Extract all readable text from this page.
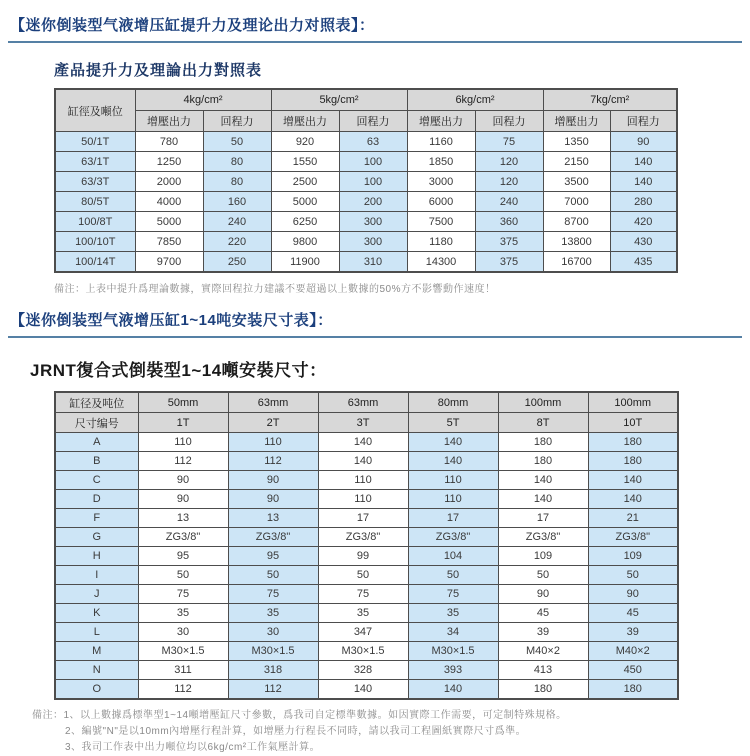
【迷你倒装型气液增压缸提升力及理论出力对照表】：
產品提升力及理論出力對照表
缸徑及噸位	4kg/cm²		5kg/cm²		6kg/cm²		7kg/cm²	
	增壓出力	回程力	增壓出力	回程力	增壓出力	回程力	增壓出力	回程力
50/1T	780	50	920	63	1160	75	1350	90
63/1T	1250	80	1550	100	1850	120	2150	140
63/3T	2000	80	2500	100	3000	120	3500	140
80/5T	4000	160	5000	200	6000	240	7000	280
100/8T	5000	240	6250	300	7500	360	8700	420
100/10T	7850	220	9800	300	1180	375	13800	430
100/14T	9700	250	11900	310	14300	375	16700	435
備注：上表中提升爲理論數據，實際回程拉力建議不要超過以上數據的50%方不影響動作速度！
【迷你倒装型气液增压缸1~14吨安装尺寸表】：
JRNT復合式倒裝型1~14噸安裝尺寸：
缸径及吨位	50mm	63mm	63mm	80mm	100mm	100mm
尺寸编号	1T	2T	3T	5T	8T	10T
A	110	110	140	140	180	180
B	112	112	140	140	180	180
C	90	90	110	110	140	140
D	90	90	110	110	140	140
F	13	13	17	17	17	21
G	ZG3/8"	ZG3/8"	ZG3/8"	ZG3/8"	ZG3/8"	ZG3/8"
H	95	95	99	104	109	109
I	50	50	50	50	50	50
J	75	75	75	75	90	90
K	35	35	35	35	45	45
L	30	30	347	34	39	39
M	M30×1.5	M30×1.5	M30×1.5	M30×1.5	M40×2	M40×2
N	311	318	328	393	413	450
O	112	112	140	140	180	180
備注：1、以上數據爲標準型1~14噸增壓缸尺寸參數，爲我司自定標準數據。如因實際工作需要，可定制特殊規格。
2、編號"N"是以10mm內增壓行程計算，如增壓力行程長不同時，請以我司工程圖紙實際尺寸爲準。
3、我司工作表中出力噸位均以6kg/cm²工作氣壓計算。
